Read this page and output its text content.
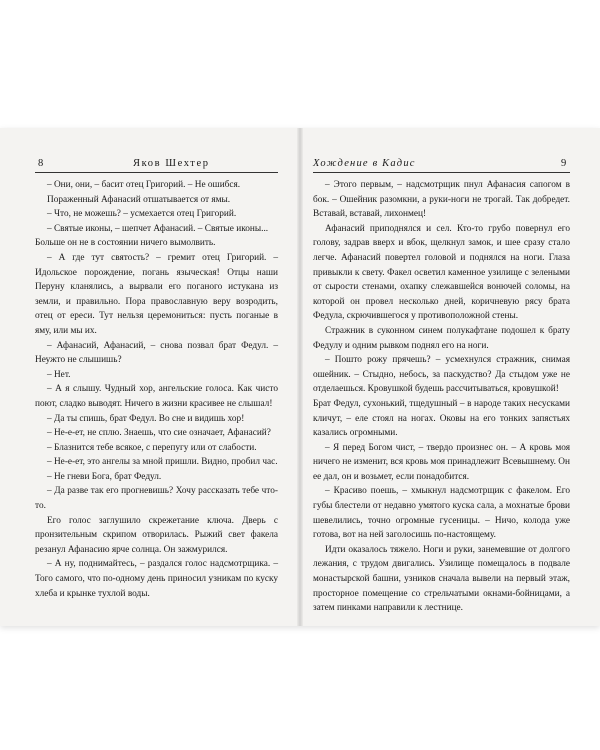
8	Яков Шехтер

– Они, они, – басит отец Григорий. – Не ошибся.

Пораженный Афанасий отшатывается от ямы.

– Что, не можешь? – усмехается отец Григорий.

– Святые иконы, – шепчет Афанасий. – Святые иконы...

Больше он не в состоянии ничего вымолвить.

– А где тут святость? – гремит отец Григорий. – Идольское порождение, погань языческая! Отцы наши Перуну кланялись, а вырвали его поганого истукана из земли, и правильно. Пора православную веру возродить, отец от ереси. Тут нельзя церемониться: пусть поганые в яму, или мы их.

– Афанасий, Афанасий, – снова позвал брат Федул. – Неужто не слышишь?

– Нет.

– А я слышу. Чудный хор, ангельские голоса. Как чисто поют, сладко выводят. Ничего в жизни красивее не слышал!

– Да ты спишь, брат Федул. Во сне и видишь хор!

– Не-е-ет, не сплю. Знаешь, что сие означает, Афанасий?

– Блазнится тебе всякое, с перепугу или от слабости.

– Не-е-ет, это ангелы за мной пришли. Видно, пробил час.

– Не гневи Бога, брат Федул.

– Да разве так его прогневишь? Хочу рассказать тебе что-то.

Его голос заглушило скрежетание ключа. Дверь с пронзительным скрипом отворилась. Рыжий свет факела резанул Афанасию ярче солнца. Он зажмурился.

– А ну, поднимайтесь, – раздался голос надсмотрщика. – Того самого, что по-одному день приносил узникам по куску хлеба и крынке тухлой воды.

Хождение в Кадис	9

– Этого первым, – надсмотрщик пнул Афанасия сапогом в бок. – Ошейник разомкни, а руки-ноги не трогай. Так добредет. Вставай, вставай, лихонмец!

Афанасий приподнялся и сел. Кто-то грубо повернул его голову, задрав вверх и вбок, щелкнул замок, и шее сразу стало легче. Афанасий повертел головой и поднялся на ноги. Глаза привыкли к свету. Факел осветил каменное узилище с зелеными от сырости стенами, охапку слежавшейся вонючей соломы, на которой он провел несколько дней, коричневую рясу брата Федула, скрючившегося у противоположной стены.

Стражник в суконном синем полукафтане подошел к брату Федулу и одним рывком поднял его на ноги.

– Пошто рожу прячешь? – усмехнулся стражник, снимая ошейник. – Стыдно, небось, за паскудство? Да стыдом уже не отделаешься. Кровушкой будешь рассчитываться, кровушкой!

Брат Федул, сухонький, тщедушный – в народе таких несусками кличут, – еле стоял на ногах. Оковы на его тонких запястьях казались огромными.

– Я перед Богом чист, – твердо произнес он. – А кровь моя ничего не изменит, вся кровь моя принадлежит Всевышнему. Он ее дал, он и возьмет, если понадобится.

– Красиво поешь, – хмыкнул надсмотрщик с факелом. Его губы блестели от недавно умятого куска сала, а мохнатые брови шевелились, точно огромные гусеницы. – Ничо, колода уже готова, вот на ней заголосишь по-настоящему.

Идти оказалось тяжело. Ноги и руки, занемевшие от долгого лежания, с трудом двигались. Узилище помещалось в подвале монастырской башни, узников сначала вывели на первый этаж, просторное помещение со стрельчатыми окнами-бойницами, а затем пинками направили к лестнице.
